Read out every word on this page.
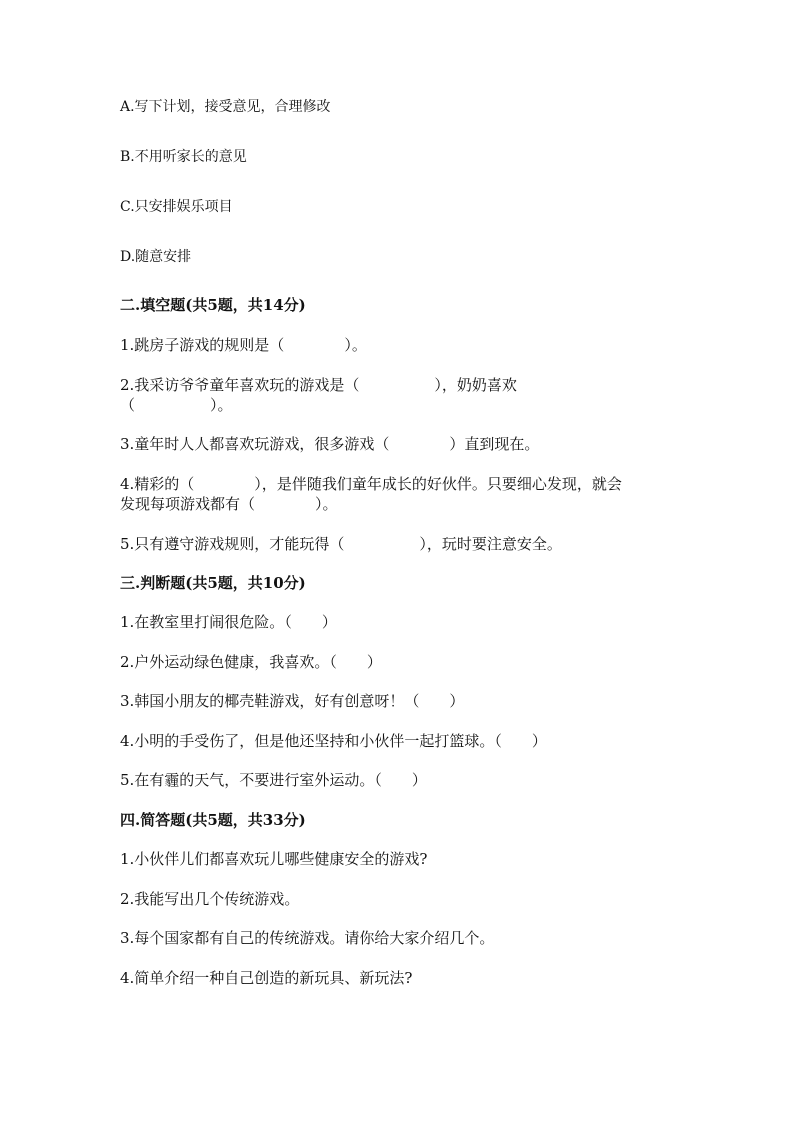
A.写下计划，接受意见，合理修改
B.不用听家长的意见
C.只安排娱乐项目
D.随意安排
二.填空题(共5题，共14分)
1.跳房子游戏的规则是（　　　　）。
2.我采访爷爷童年喜欢玩的游戏是（　　　　　），奶奶喜欢
（　　　　　）。
3.童年时人人都喜欢玩游戏，很多游戏（　　　　）直到现在。
4.精彩的（　　　　），是伴随我们童年成长的好伙伴。只要细心发现，就会
发现每项游戏都有（　　　　）。
5.只有遵守游戏规则，才能玩得（　　　　　），玩时要注意安全。
三.判断题(共5题，共10分)
1.在教室里打闹很危险。（　　）
2.户外运动绿色健康，我喜欢。（　　）
3.韩国小朋友的椰壳鞋游戏，好有创意呀！（　　）
4.小明的手受伤了，但是他还坚持和小伙伴一起打篮球。（　　）
5.在有霾的天气，不要进行室外运动。（　　）
四.简答题(共5题，共33分)
1.小伙伴儿们都喜欢玩儿哪些健康安全的游戏?
2.我能写出几个传统游戏。
3.每个国家都有自己的传统游戏。请你给大家介绍几个。
4.简单介绍一种自己创造的新玩具、新玩法?
